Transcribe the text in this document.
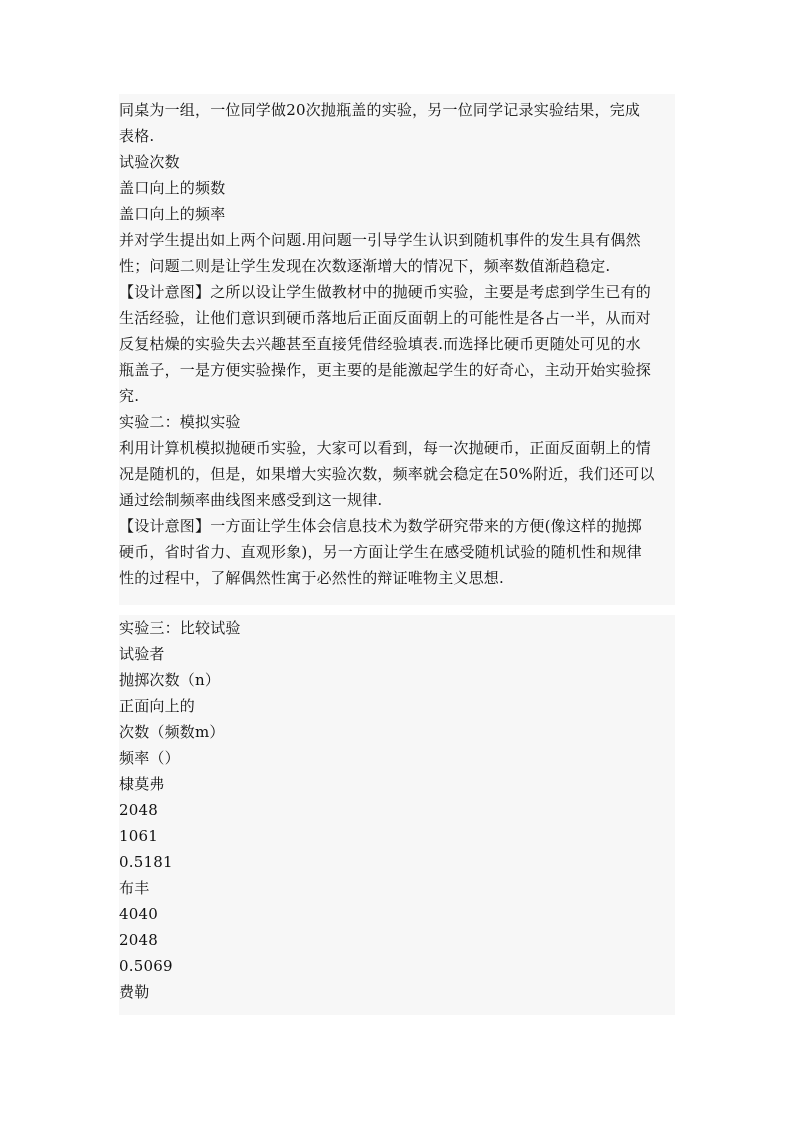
同桌为一组，一位同学做20次抛瓶盖的实验，另一位同学记录实验结果，完成
表格.
试验次数
盖口向上的频数
盖口向上的频率
并对学生提出如上两个问题.用问题一引导学生认识到随机事件的发生具有偶然
性；问题二则是让学生发现在次数逐渐增大的情况下，频率数值渐趋稳定.
【设计意图】之所以设让学生做教材中的抛硬币实验，主要是考虑到学生已有的
生活经验，让他们意识到硬币落地后正面反面朝上的可能性是各占一半，从而对
反复枯燥的实验失去兴趣甚至直接凭借经验填表.而选择比硬币更随处可见的水
瓶盖子，一是方便实验操作，更主要的是能激起学生的好奇心，主动开始实验探
究.
实验二：模拟实验
利用计算机模拟抛硬币实验，大家可以看到，每一次抛硬币，正面反面朝上的情
况是随机的，但是，如果增大实验次数，频率就会稳定在50%附近，我们还可以
通过绘制频率曲线图来感受到这一规律.
【设计意图】一方面让学生体会信息技术为数学研究带来的方便(像这样的抛掷
硬币，省时省力、直观形象)，另一方面让学生在感受随机试验的随机性和规律
性的过程中，了解偶然性寓于必然性的辩证唯物主义思想.
实验三：比较试验
试验者
抛掷次数（n）
正面向上的
次数（频数m）
频率（）
棣莫弗
2048
1061
0.5181
布丰
4040
2048
0.5069
费勒
